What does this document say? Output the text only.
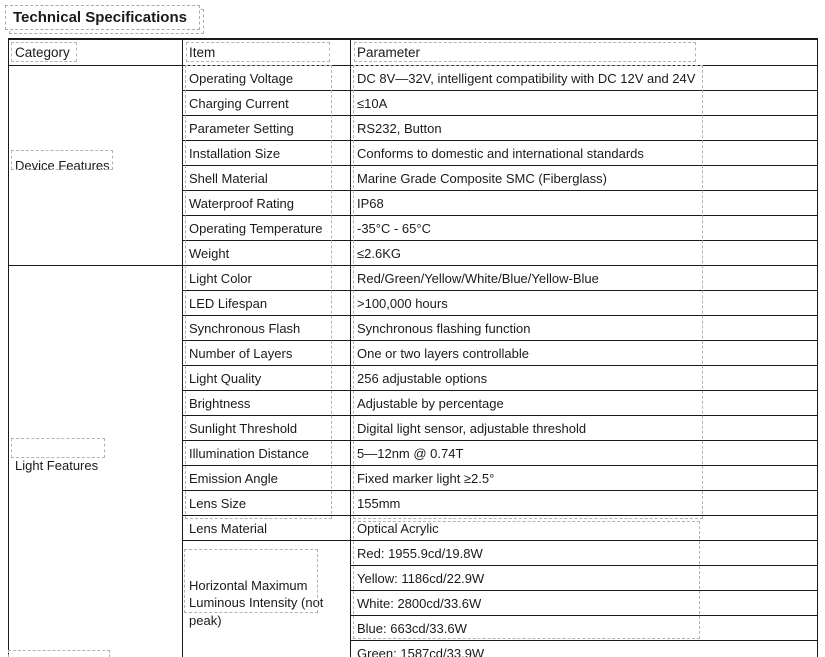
Technical Specifications
Category	Item	Parameter
Device Features	Operating Voltage	DC 8V—32V, intelligent compatibility with DC 12V and 24V
	Charging Current	≤10A
	Parameter Setting	RS232, Button
	Installation Size	Conforms to domestic and international standards
	Shell Material	Marine Grade Composite SMC (Fiberglass)
	Waterproof Rating	IP68
	Operating Temperature	-35°C - 65°C
	Weight	≤2.6KG
Light Features	Light Color	Red/Green/Yellow/White/Blue/Yellow-Blue
	LED Lifespan	>100,000 hours
	Synchronous Flash	Synchronous flashing function
	Number of Layers	One or two layers controllable
	Light Quality	256 adjustable options
	Brightness	Adjustable by percentage
	Sunlight Threshold	Digital light sensor, adjustable threshold
	Illumination Distance	5—12nm @ 0.74T
	Emission Angle	Fixed marker light ≥2.5°
	Lens Size	155mm
	Lens Material	Optical Acrylic
	Horizontal Maximum Luminous Intensity (not peak)	Red: 1955.9cd/19.8W
		Yellow: 1186cd/22.9W
		White: 2800cd/33.6W
		Blue: 663cd/33.6W
		Green: 1587cd/33.9W
